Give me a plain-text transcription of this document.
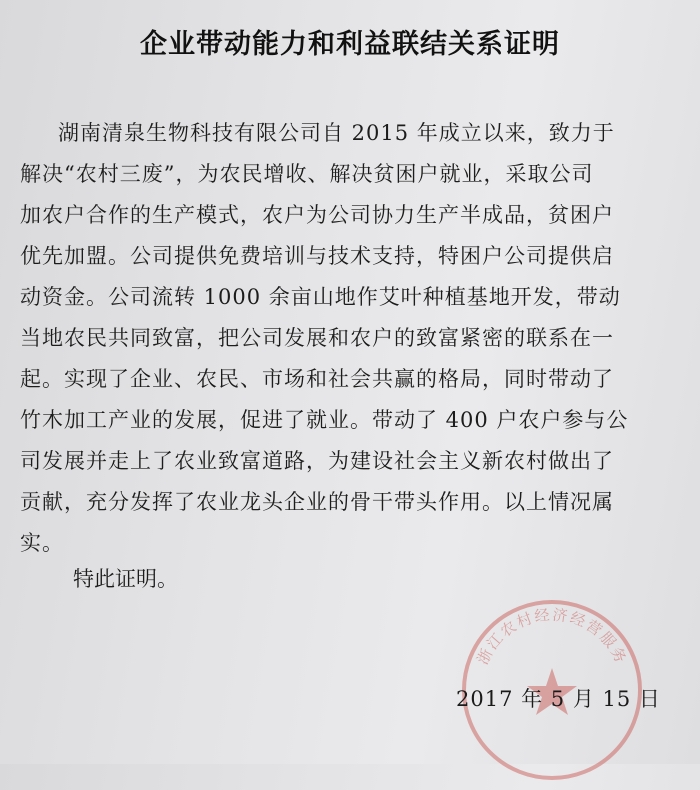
企业带动能力和利益联结关系证明
湖南清泉生物科技有限公司自 2015 年成立以来，致力于
解决“农村三废”，为农民增收、解决贫困户就业，采取公司
加农户合作的生产模式，农户为公司协力生产半成品，贫困户
优先加盟。公司提供免费培训与技术支持，特困户公司提供启
动资金。公司流转 1000 余亩山地作艾叶种植基地开发，带动
当地农民共同致富，把公司发展和农户的致富紧密的联系在一
起。实现了企业、农民、市场和社会共赢的格局，同时带动了
竹木加工产业的发展，促进了就业。带动了 400 户农户参与公
司发展并走上了农业致富道路，为建设社会主义新农村做出了
贡献，充分发挥了农业龙头企业的骨干带头作用。以上情况属
实。
特此证明。
浙江农村经济经营服务
2017 年 5 月 15 日
